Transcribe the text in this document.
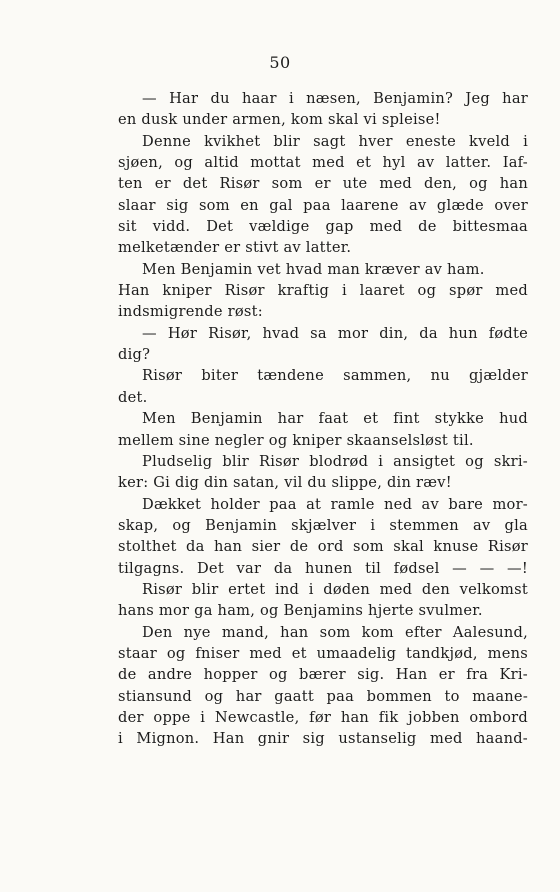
50
— Har du haar i næsen, Benjamin? Jeg har
en dusk under armen, kom skal vi spleise!
Denne kvikhet blir sagt hver eneste kveld i
sjøen, og altid mottat med et hyl av latter. Iaf-
ten er det Risør som er ute med den, og han
slaar sig som en gal paa laarene av glæde over
sit vidd. Det vældige gap med de bittesmaa
melketænder er stivt av latter.
Men Benjamin vet hvad man kræver av ham.
Han kniper Risør kraftig i laaret og spør med
indsmigrende røst:
— Hør Risør, hvad sa mor din, da hun fødte
dig?
Risør biter tændene sammen, nu gjælder
det.
Men Benjamin har faat et fint stykke hud
mellem sine negler og kniper skaanselsløst til.
Pludselig blir Risør blodrød i ansigtet og skri-
ker: Gi dig din satan, vil du slippe, din ræv!
Dækket holder paa at ramle ned av bare mor-
skap, og Benjamin skjælver i stemmen av gla
stolthet da han sier de ord som skal knuse Risør
tilgagns. Det var da hunen til fødsel — — —!
Risør blir ertet ind i døden med den velkomst
hans mor ga ham, og Benjamins hjerte svulmer.
Den nye mand, han som kom efter Aalesund,
staar og fniser med et umaadelig tandkjød, mens
de andre hopper og bærer sig. Han er fra Kri-
stiansund og har gaatt paa bommen to maane-
der oppe i Newcastle, før han fik jobben ombord
i Mignon. Han gnir sig ustanselig med haand-
